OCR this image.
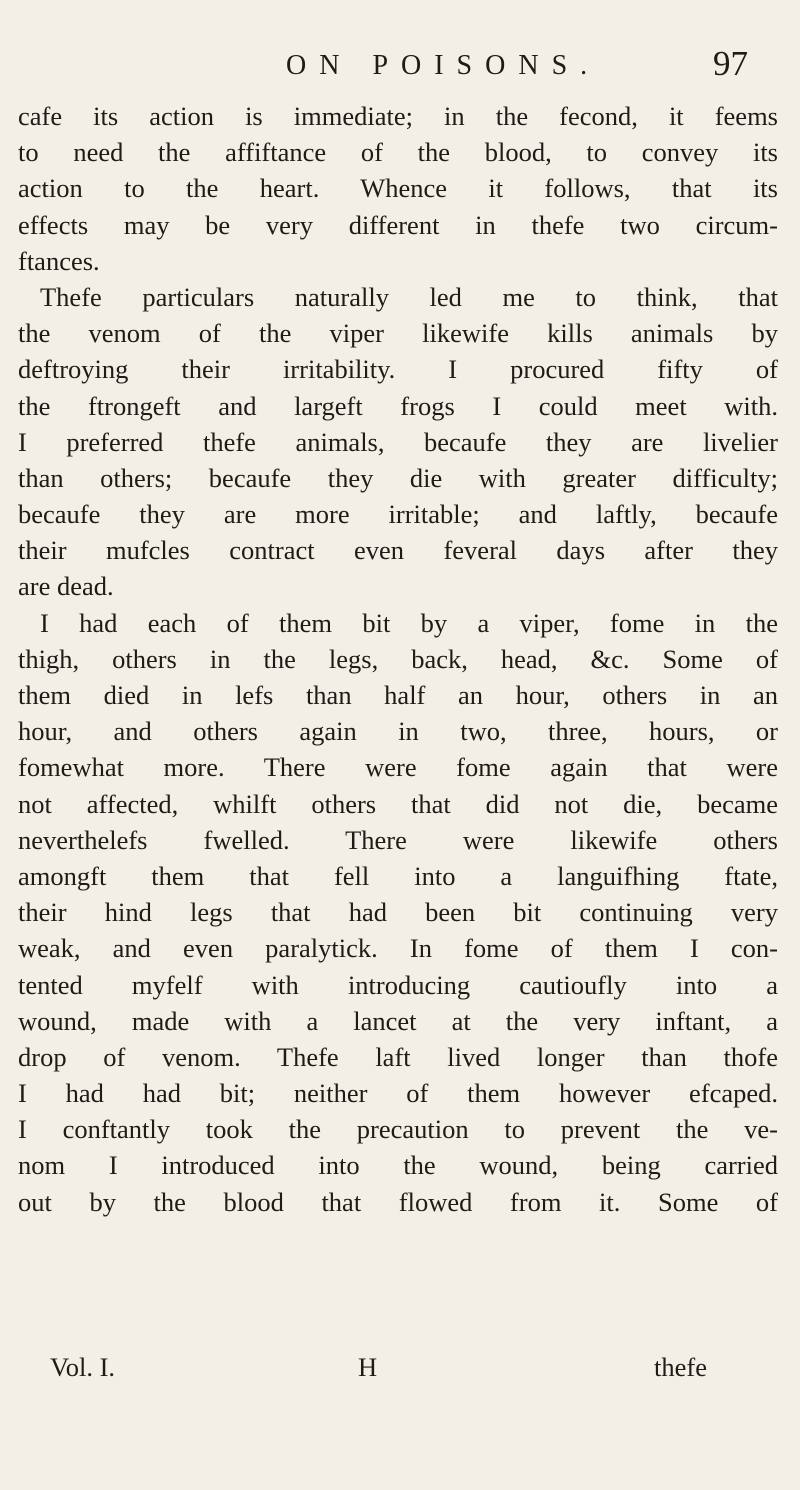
ON POISONS.	97
cafe its action is immediate; in the fecond, it feems
to need the affiftance of the blood, to convey its
action to the heart. Whence it follows, that its
effects may be very different in thefe two circum-
ftances.
Thefe particulars naturally led me to think, that
the venom of the viper likewife kills animals by
deftroying their irritability. I procured fifty of
the ftrongeft and largeft frogs I could meet with.
I preferred thefe animals, becaufe they are livelier
than others; becaufe they die with greater difficulty;
becaufe they are more irritable; and laftly, becaufe
their mufcles contract even feveral days after they
are dead.
I had each of them bit by a viper, fome in the
thigh, others in the legs, back, head, &c. Some of
them died in lefs than half an hour, others in an
hour, and others again in two, three, hours, or
fomewhat more. There were fome again that were
not affected, whilft others that did not die, became
neverthelefs fwelled. There were likewife others
amongft them that fell into a languifhing ftate,
their hind legs that had been bit continuing very
weak, and even paralytick. In fome of them I con-
tented myfelf with introducing cautioufly into a
wound, made with a lancet at the very inftant, a
drop of venom. Thefe laft lived longer than thofe
I had had bit; neither of them however efcaped.
I conftantly took the precaution to prevent the ve-
nom I introduced into the wound, being carried
out by the blood that flowed from it. Some of
Vol. I.	H	thefe
